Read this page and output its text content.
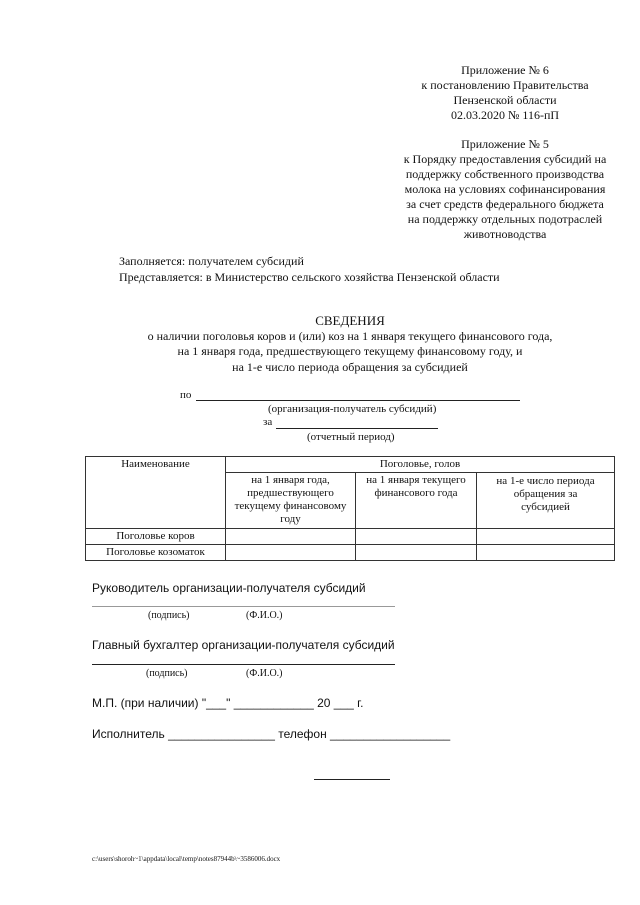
Приложение № 6
к постановлению Правительства
Пензенской области
02.03.2020 № 116-пП
Приложение № 5
к Порядку предоставления субсидий на
поддержку собственного производства
молока на условиях софинансирования
за счет средств федерального бюджета
на поддержку отдельных подотраслей
животноводства
Заполняется: получателем субсидий
Представляется: в Министерство сельского хозяйства Пензенской области
СВЕДЕНИЯ
о наличии поголовья коров и (или) коз на 1 января текущего финансового года,
на 1 января года, предшествующего текущему финансовому году, и
на 1-е число периода обращения за субсидией
по
(организация-получатель субсидий)
за
(отчетный период)
Наименование	Поголовье, голов		
	на 1 января года, предшествующего текущему финансовому году	на 1 января текущего финансового года	на 1-е число периода обращения за субсидией
Поголовье коров			
Поголовье козоматок			
Руководитель организации-получателя субсидий
(подпись)	(Ф.И.О.)
Главный бухгалтер организации-получателя субсидий
(подпись)	(Ф.И.О.)
М.П. (при наличии) "___" ____________ 20 ___ г.
Исполнитель ________________ телефон __________________
c:\users\shoroh~1\appdata\local\temp\notes87944b\~3586006.docx
